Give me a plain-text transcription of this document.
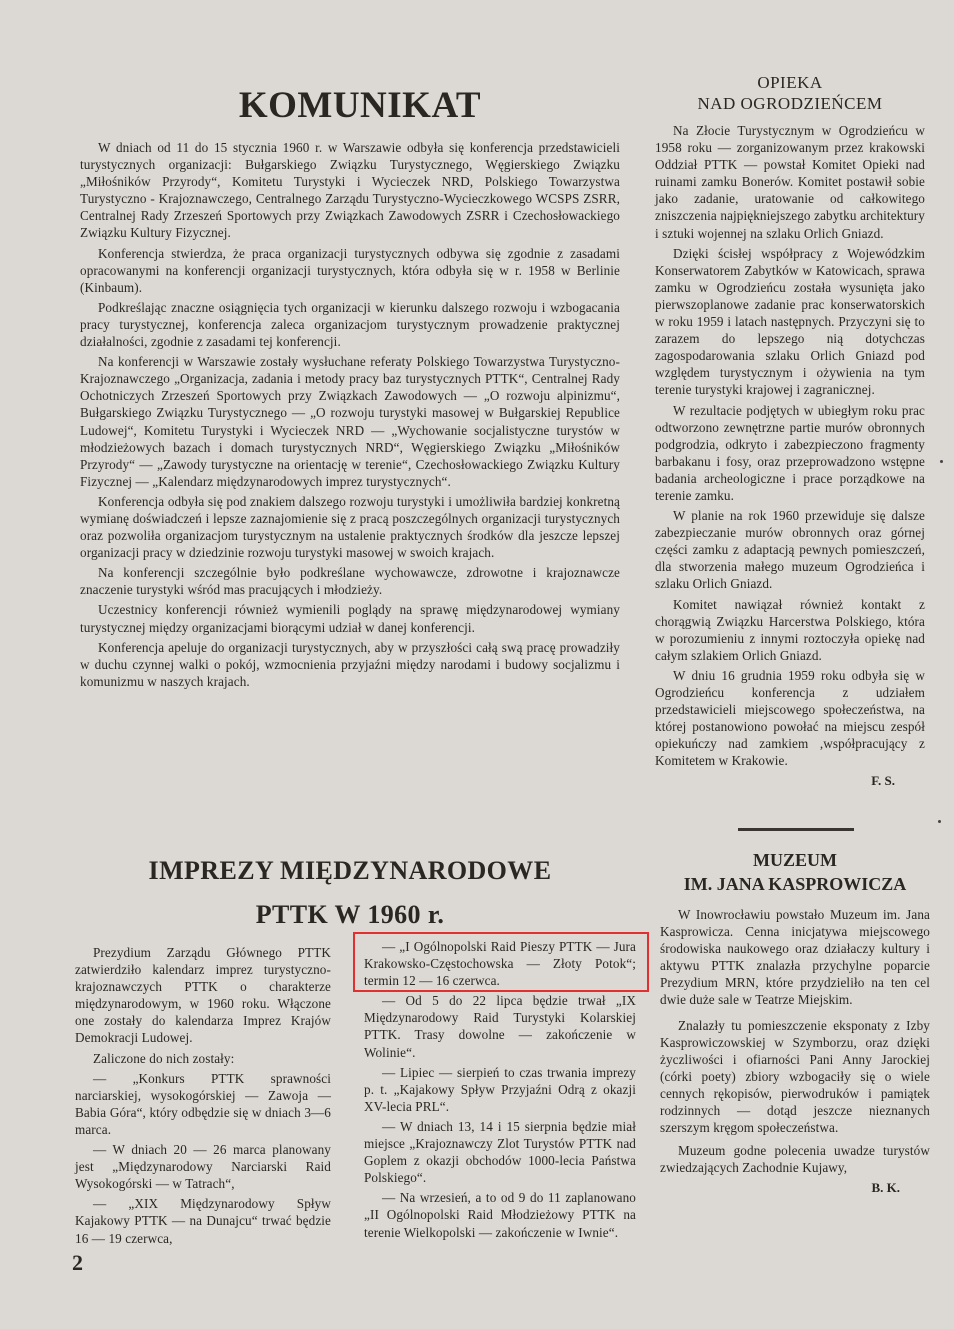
KOMUNIKAT

W dniach od 11 do 15 stycznia 1960 r. w Warszawie odbyła się konferencja przedstawicieli turystycznych organizacji: Bułgarskiego Związku Turystycznego, Węgierskiego Związku „Miłośników Przyrody“, Komitetu Turystyki i Wycieczek NRD, Polskiego Towarzystwa Turystyczno - Krajoznawczego, Centralnego Zarządu Turystyczno-Wycieczkowego WCSPS ZSRR, Centralnej Rady Zrzeszeń Sportowych przy Związkach Zawodowych ZSRR i Czechosłowackiego Związku Kultury Fizycznej.

Konferencja stwierdza, że praca organizacji turystycznych odbywa się zgodnie z zasadami opracowanymi na konferencji organizacji turystycznych, która odbyła się w r. 1958 w Berlinie (Kinbaum).

Podkreślając znaczne osiągnięcia tych organizacji w kierunku dalszego rozwoju i wzbogacania pracy turystycznej, konferencja zaleca organizacjom turystycznym prowadzenie praktycznej działalności, zgodnie z zasadami tej konferencji.

Na konferencji w Warszawie zostały wysłuchane referaty Polskiego Towarzystwa Turystyczno-Krajoznawczego „Organizacja, zadania i metody pracy baz turystycznych PTTK“, Centralnej Rady Ochotniczych Zrzeszeń Sportowych przy Związkach Zawodowych — „O rozwoju alpinizmu“, Bułgarskiego Związku Turystycznego — „O rozwoju turystyki masowej w Bułgarskiej Republice Ludowej“, Komitetu Turystyki i Wycieczek NRD — „Wychowanie socjalistyczne turystów w młodzieżowych bazach i domach turystycznych NRD“, Węgierskiego Związku „Miłośników Przyrody“ — „Zawody turystyczne na orientację w terenie“, Czechosłowackiego Związku Kultury Fizycznej — „Kalendarz międzynarodowych imprez turystycznych“.

Konferencja odbyła się pod znakiem dalszego rozwoju turystyki i umożliwiła bardziej konkretną wymianę doświadczeń i lepsze zaznajomienie się z pracą poszczególnych organizacji turystycznych oraz pozwoliła organizacjom turystycznym na ustalenie praktycznych środków dla jeszcze lepszej organizacji pracy w dziedzinie rozwoju turystyki masowej w swoich krajach.

Na konferencji szczególnie było podkreślane wychowawcze, zdrowotne i krajoznawcze znaczenie turystyki wśród mas pracujących i młodzieży.

Uczestnicy konferencji również wymienili poglądy na sprawę międzynarodowej wymiany turystycznej między organizacjami biorącymi udział w danej konferencji.

Konferencja apeluje do organizacji turystycznych, aby w przyszłości całą swą pracę prowadziły w duchu czynnej walki o pokój, wzmocnienia przyjaźni między narodami i budowy socjalizmu i komunizmu w naszych krajach.

OPIEKA
NAD OGRODZIEŃCEM

Na Złocie Turystycznym w Ogrodzieńcu w 1958 roku — zorganizowanym przez krakowski Oddział PTTK — powstał Komitet Opieki nad ruinami zamku Bonerów. Komitet postawił sobie jako zadanie, uratowanie od całkowitego zniszczenia najpiękniejszego zabytku architektury i sztuki wojennej na szlaku Orlich Gniazd.

Dzięki ścisłej współpracy z Wojewódzkim Konserwatorem Zabytków w Katowicach, sprawa zamku w Ogrodzieńcu została wysunięta jako pierwszoplanowe zadanie prac konserwatorskich w roku 1959 i latach następnych. Przyczyni się to zarazem do lepszego nią dotychczas zagospodarowania szlaku Orlich Gniazd pod względem turystycznym i ożywienia na tym terenie turystyki krajowej i zagranicznej.

W rezultacie podjętych w ubiegłym roku prac odtworzono zewnętrzne partie murów obronnych podgrodzia, odkryto i zabezpieczono fragmenty barbakanu i fosy, oraz przeprowadzono wstępne badania archeologiczne i prace porządkowe na terenie zamku.

W planie na rok 1960 przewiduje się dalsze zabezpieczanie murów obronnych oraz górnej części zamku z adaptacją pewnych pomieszczeń, dla stworzenia małego muzeum Ogrodzieńca i szlaku Orlich Gniazd.

Komitet nawiązał również kontakt z chorągwią Związku Harcerstwa Polskiego, która w porozumieniu z innymi roztoczyła opiekę nad całym szlakiem Orlich Gniazd.

W dniu 16 grudnia 1959 roku odbyła się w Ogrodzieńcu konferencja z udziałem przedstawicieli miejscowego społeczeństwa, na której postanowiono powołać na miejscu zespół opiekuńczy nad zamkiem ,współpracujący z Komitetem w Krakowie.

F. S.
IMPREZY MIĘDZYNARODOWE
PTTK W 1960 r.

Prezydium Zarządu Głównego PTTK zatwierdziło kalendarz imprez turystyczno-krajoznawczych PTTK o charakterze międzynarodowym, w 1960 roku. Włączone one zostały do kalendarza Imprez Krajów Demokracji Ludowej.

Zaliczone do nich zostały:

— „Konkurs PTTK sprawności narciarskiej, wysokogórskiej — Zawoja — Babia Góra“, który odbędzie się w dniach 3—6 marca.

— W dniach 20 — 26 marca planowany jest „Międzynarodowy Narciarski Raid Wysokogórski — w Tatrach“,

— „XIX Międzynarodowy Spływ Kajakowy PTTK — na Dunajcu“ trwać będzie 16 — 19 czerwca,

— „I Ogólnopolski Raid Pieszy PTTK — Jura Krakowsko-Częstochowska — Złoty Potok“; termin 12 — 16 czerwca.

— Od 5 do 22 lipca będzie trwał „IX Międzynarodowy Raid Turystyki Kolarskiej PTTK. Trasy dowolne — zakończenie w Wolinie“.

— Lipiec — sierpień to czas trwania imprezy p. t. „Kajakowy Spływ Przyjaźni Odrą z okazji XV-lecia PRL“.

— W dniach 13, 14 i 15 sierpnia będzie miał miejsce „Krajoznawczy Zlot Turystów PTTK nad Goplem z okazji obchodów 1000-lecia Państwa Polskiego“.

— Na wrzesień, a to od 9 do 11 zaplanowano „II Ogólnopolski Raid Młodzieżowy PTTK na terenie Wielkopolski — zakończenie w Iwnie“.

MUZEUM
IM. JANA KASPROWICZA

W Inowrocławiu powstało Muzeum im. Jana Kasprowicza. Cenna inicjatywa miejscowego środowiska naukowego oraz działaczy kultury i aktywu PTTK znalazła przychylne poparcie Prezydium MRN, które przydzieliło na ten cel dwie duże sale w Teatrze Miejskim.

Znalazły tu pomieszczenie eksponaty z Izby Kasprowiczowskiej w Szymborzu, oraz dzięki życzliwości i ofiarności Pani Anny Jarockiej (córki poety) zbiory wzbogaciły się o wiele cennych rękopisów, pierwodruków i pamiątek rodzinnych — dotąd jeszcze nieznanych szerszym kręgom społeczeństwa.

Muzeum godne polecenia uwadze turystów zwiedzających Zachodnie Kujawy,

B. K.
2
